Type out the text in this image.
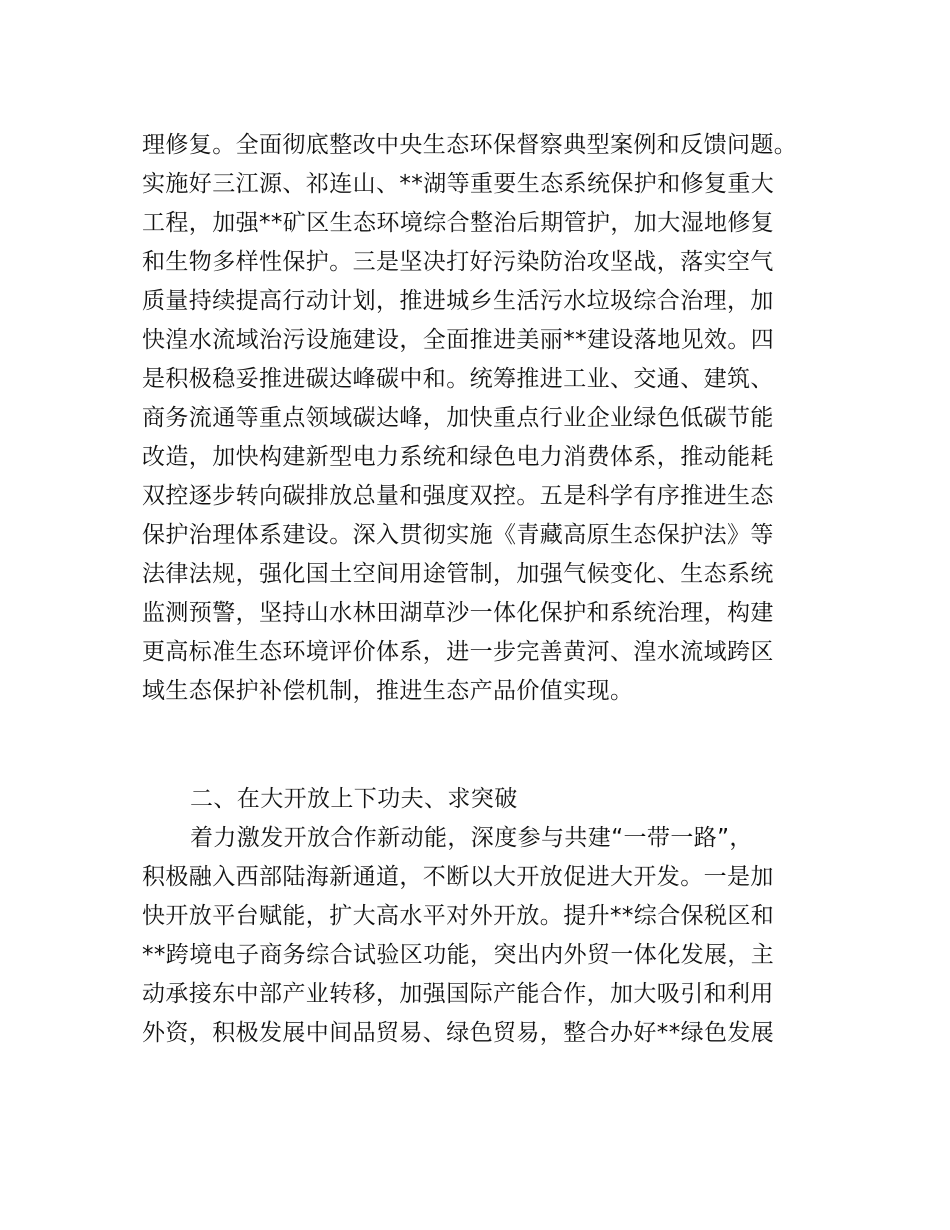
理修复。全面彻底整改中央生态环保督察典型案例和反馈问题。
实施好三江源、祁连山、**湖等重要生态系统保护和修复重大
工程，加强**矿区生态环境综合整治后期管护，加大湿地修复
和生物多样性保护。三是坚决打好污染防治攻坚战，落实空气
质量持续提高行动计划，推进城乡生活污水垃圾综合治理，加
快湟水流域治污设施建设，全面推进美丽**建设落地见效。四
是积极稳妥推进碳达峰碳中和。统筹推进工业、交通、建筑、
商务流通等重点领域碳达峰，加快重点行业企业绿色低碳节能
改造，加快构建新型电力系统和绿色电力消费体系，推动能耗
双控逐步转向碳排放总量和强度双控。五是科学有序推进生态
保护治理体系建设。深入贯彻实施《青藏高原生态保护法》等
法律法规，强化国土空间用途管制，加强气候变化、生态系统
监测预警，坚持山水林田湖草沙一体化保护和系统治理，构建
更高标准生态环境评价体系，进一步完善黄河、湟水流域跨区
域生态保护补偿机制，推进生态产品价值实现。
二、在大开放上下功夫、求突破
着力激发开放合作新动能，深度参与共建“一带一路”，
积极融入西部陆海新通道，不断以大开放促进大开发。一是加
快开放平台赋能，扩大高水平对外开放。提升**综合保税区和
**跨境电子商务综合试验区功能，突出内外贸一体化发展，主
动承接东中部产业转移，加强国际产能合作，加大吸引和利用
外资，积极发展中间品贸易、绿色贸易，整合办好**绿色发展
